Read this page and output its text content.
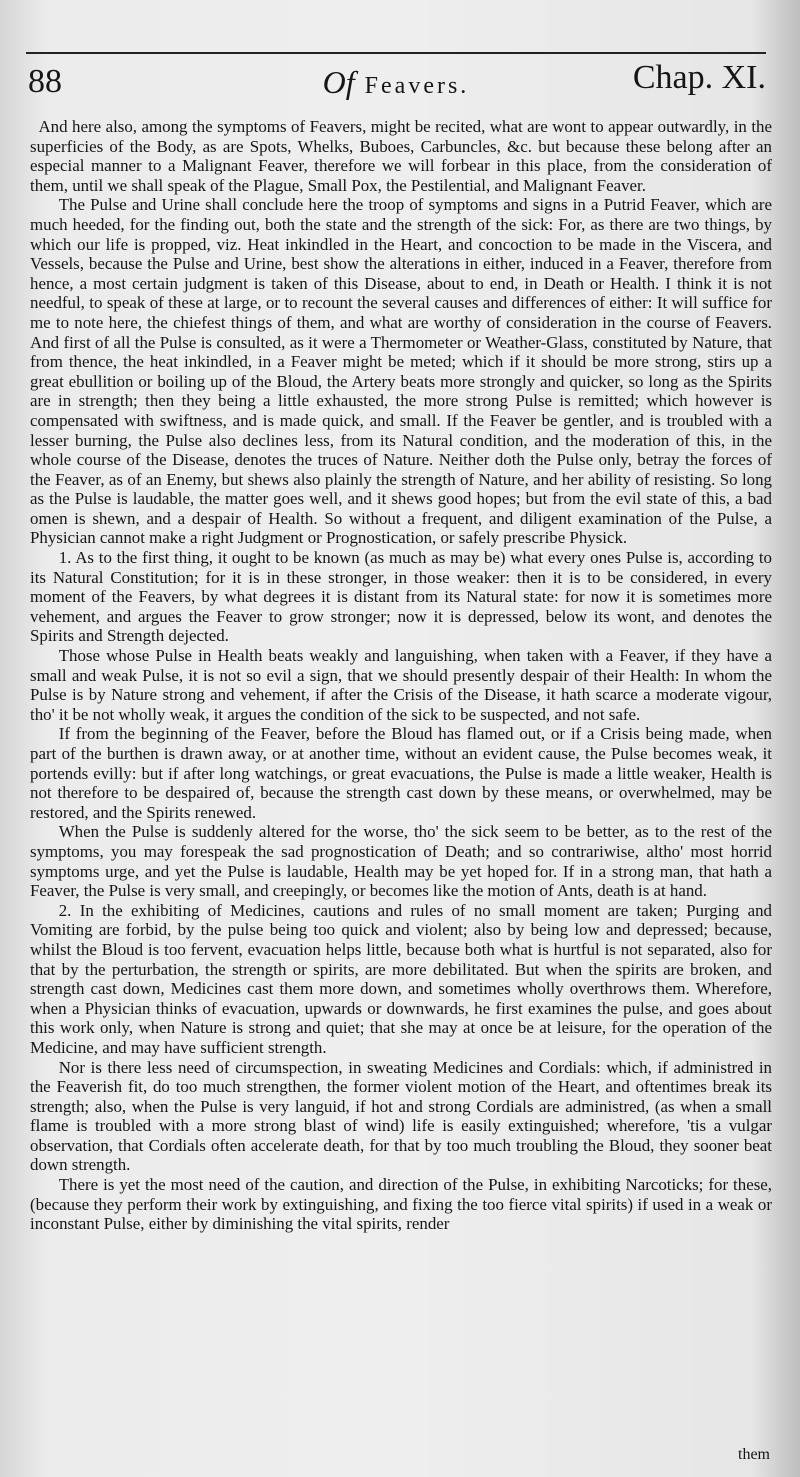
88	Of Feavers.	Chap. XI.

And here also, among the symptoms of Feavers, might be recited, what are wont to appear outwardly, in the superficies of the Body, as are Spots, Whelks, Buboes, Carbuncles, &c. but because these belong after an especial manner to a Malignant Feaver, therefore we will forbear in this place, from the consideration of them, until we shall speak of the Plague, Small Pox, the Pestilential, and Malignant Feaver.

The Pulse and Urine shall conclude here the troop of symptoms and signs in a Putrid Feaver, which are much heeded, for the finding out, both the state and the strength of the sick: For, as there are two things, by which our life is propped, viz. Heat inkindled in the Heart, and concoction to be made in the Viscera, and Vessels, because the Pulse and Urine, best show the alterations in either, induced in a Feaver, therefore from hence, a most certain judgment is taken of this Disease, about to end, in Death or Health. I think it is not needful, to speak of these at large, or to recount the several causes and differences of either: It will suffice for me to note here, the chiefest things of them, and what are worthy of consideration in the course of Feavers. And first of all the Pulse is consulted, as it were a Thermometer or Weather-Glass, constituted by Nature, that from thence, the heat inkindled, in a Feaver might be meted; which if it should be more strong, stirs up a great ebullition or boiling up of the Bloud, the Artery beats more strongly and quicker, so long as the Spirits are in strength; then they being a little exhausted, the more strong Pulse is remitted; which however is compensated with swiftness, and is made quick, and small. If the Feaver be gentler, and is troubled with a lesser burning, the Pulse also declines less, from its Natural condition, and the moderation of this, in the whole course of the Disease, denotes the truces of Nature. Neither doth the Pulse only, betray the forces of the Feaver, as of an Enemy, but shews also plainly the strength of Nature, and her ability of resisting. So long as the Pulse is laudable, the matter goes well, and it shews good hopes; but from the evil state of this, a bad omen is shewn, and a despair of Health. So without a frequent, and diligent examination of the Pulse, a Physician cannot make a right Judgment or Prognostication, or safely prescribe Physick.

1. As to the first thing, it ought to be known (as much as may be) what every ones Pulse is, according to its Natural Constitution; for it is in these stronger, in those weaker: then it is to be considered, in every moment of the Feavers, by what degrees it is distant from its Natural state: for now it is sometimes more vehement, and argues the Feaver to grow stronger; now it is depressed, below its wont, and denotes the Spirits and Strength dejected.

Those whose Pulse in Health beats weakly and languishing, when taken with a Feaver, if they have a small and weak Pulse, it is not so evil a sign, that we should presently despair of their Health: In whom the Pulse is by Nature strong and vehement, if after the Crisis of the Disease, it hath scarce a moderate vigour, tho' it be not wholly weak, it argues the condition of the sick to be suspected, and not safe.

If from the beginning of the Feaver, before the Bloud has flamed out, or if a Crisis being made, when part of the burthen is drawn away, or at another time, without an evident cause, the Pulse becomes weak, it portends evilly: but if after long watchings, or great evacuations, the Pulse is made a little weaker, Health is not therefore to be despaired of, because the strength cast down by these means, or overwhelmed, may be restored, and the Spirits renewed.

When the Pulse is suddenly altered for the worse, tho' the sick seem to be better, as to the rest of the symptoms, you may forespeak the sad prognostication of Death; and so contrariwise, altho' most horrid symptoms urge, and yet the Pulse is laudable, Health may be yet hoped for. If in a strong man, that hath a Feaver, the Pulse is very small, and creepingly, or becomes like the motion of Ants, death is at hand.

2. In the exhibiting of Medicines, cautions and rules of no small moment are taken; Purging and Vomiting are forbid, by the pulse being too quick and violent; also by being low and depressed; because, whilst the Bloud is too fervent, evacuation helps little, because both what is hurtful is not separated, also for that by the perturbation, the strength or spirits, are more debilitated. But when the spirits are broken, and strength cast down, Medicines cast them more down, and sometimes wholly overthrows them. Wherefore, when a Physician thinks of evacuation, upwards or downwards, he first examines the pulse, and goes about this work only, when Nature is strong and quiet; that she may at once be at leisure, for the operation of the Medicine, and may have sufficient strength.

Nor is there less need of circumspection, in sweating Medicines and Cordials: which, if administred in the Feaverish fit, do too much strengthen, the former violent motion of the Heart, and oftentimes break its strength; also, when the Pulse is very languid, if hot and strong Cordials are administred, (as when a small flame is troubled with a more strong blast of wind) life is easily extinguished; wherefore, 'tis a vulgar observation, that Cordials often accelerate death, for that by too much troubling the Bloud, they sooner beat down strength.

There is yet the most need of the caution, and direction of the Pulse, in exhibiting Narcoticks; for these, (because they perform their work by extinguishing, and fixing the too fierce vital spirits) if used in a weak or inconstant Pulse, either by diminishing the vital spirits, render

them
